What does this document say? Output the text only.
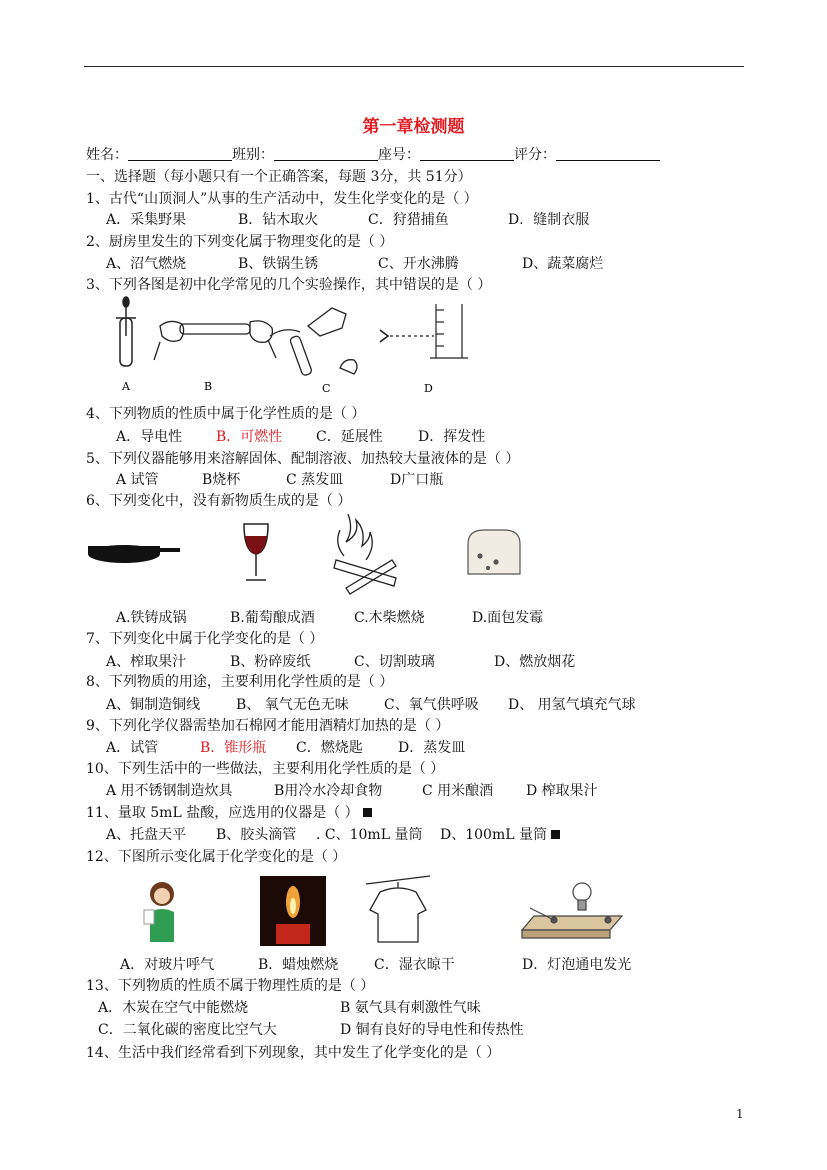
第一章检测题
姓名：	班别：	座号：	评分：
一、选择题（每小题只有一个正确答案，每题 3分，共 51分）
1、古代“山顶洞人”从事的生产活动中，发生化学变化的是（ ）
A．采集野果	B．钻木取火	C．狩猎捕鱼	D．缝制衣服
2、厨房里发生的下列变化属于物理变化的是（ ）
A、沼气燃烧	B、铁锅生锈	C、开水沸腾	D、蔬菜腐烂
3、下列各图是初中化学常见的几个实验操作，其中错误的是（ ）
A	B	C	D
4、下列物质的性质中属于化学性质的是（ ）
A．导电性 B．可燃性 C．延展性	D．挥发性
5、下列仪器能够用来溶解固体、配制溶液、加热较大量液体的是（ ）
A 试管	B烧杯	C 蒸发皿	D广口瓶
6、下列变化中，没有新物质生成的是（ ）
A.铁铸成锅	B.葡萄酿成酒	C.木柴燃烧	D.面包发霉
7、下列变化中属于化学变化的是（ ）
A、榨取果汁	B、粉碎废纸	C、切割玻璃	D、燃放烟花
8、下列物质的用途，主要利用化学性质的是（ ）
A、铜制造铜线	B、 氧气无色无味	C、氧气供呼吸 D、 用氢气填充气球
9、下列化学仪器需垫加石棉网才能用酒精灯加热的是（ ）
A．试管	B．锥形瓶 C．燃烧匙	D．蒸发皿
10、下列生活中的一些做法，主要利用化学性质的是（ ）
A 用不锈钢制造炊具	B用冷水冷却食物	C 用米酿酒 D 榨取果汁
11、量取 5mL 盐酸，应选用的仪器是（ ）
A、托盘天平 B、胶头滴管 . C、10mL 量筒 D、100mL 量筒
12、下图所示变化属于化学变化的是（ ）
A．对玻片呼气	B．蜡烛燃烧	C．湿衣晾干	D．灯泡通电发光
13、下列物质的性质不属于物理性质的是（ ）
A．木炭在空气中能燃烧	B 氨气具有刺激性气味
C．二氧化碳的密度比空气大	D 铜有良好的导电性和传热性
14、生活中我们经常看到下列现象，其中发生了化学变化的是（ ）
1
